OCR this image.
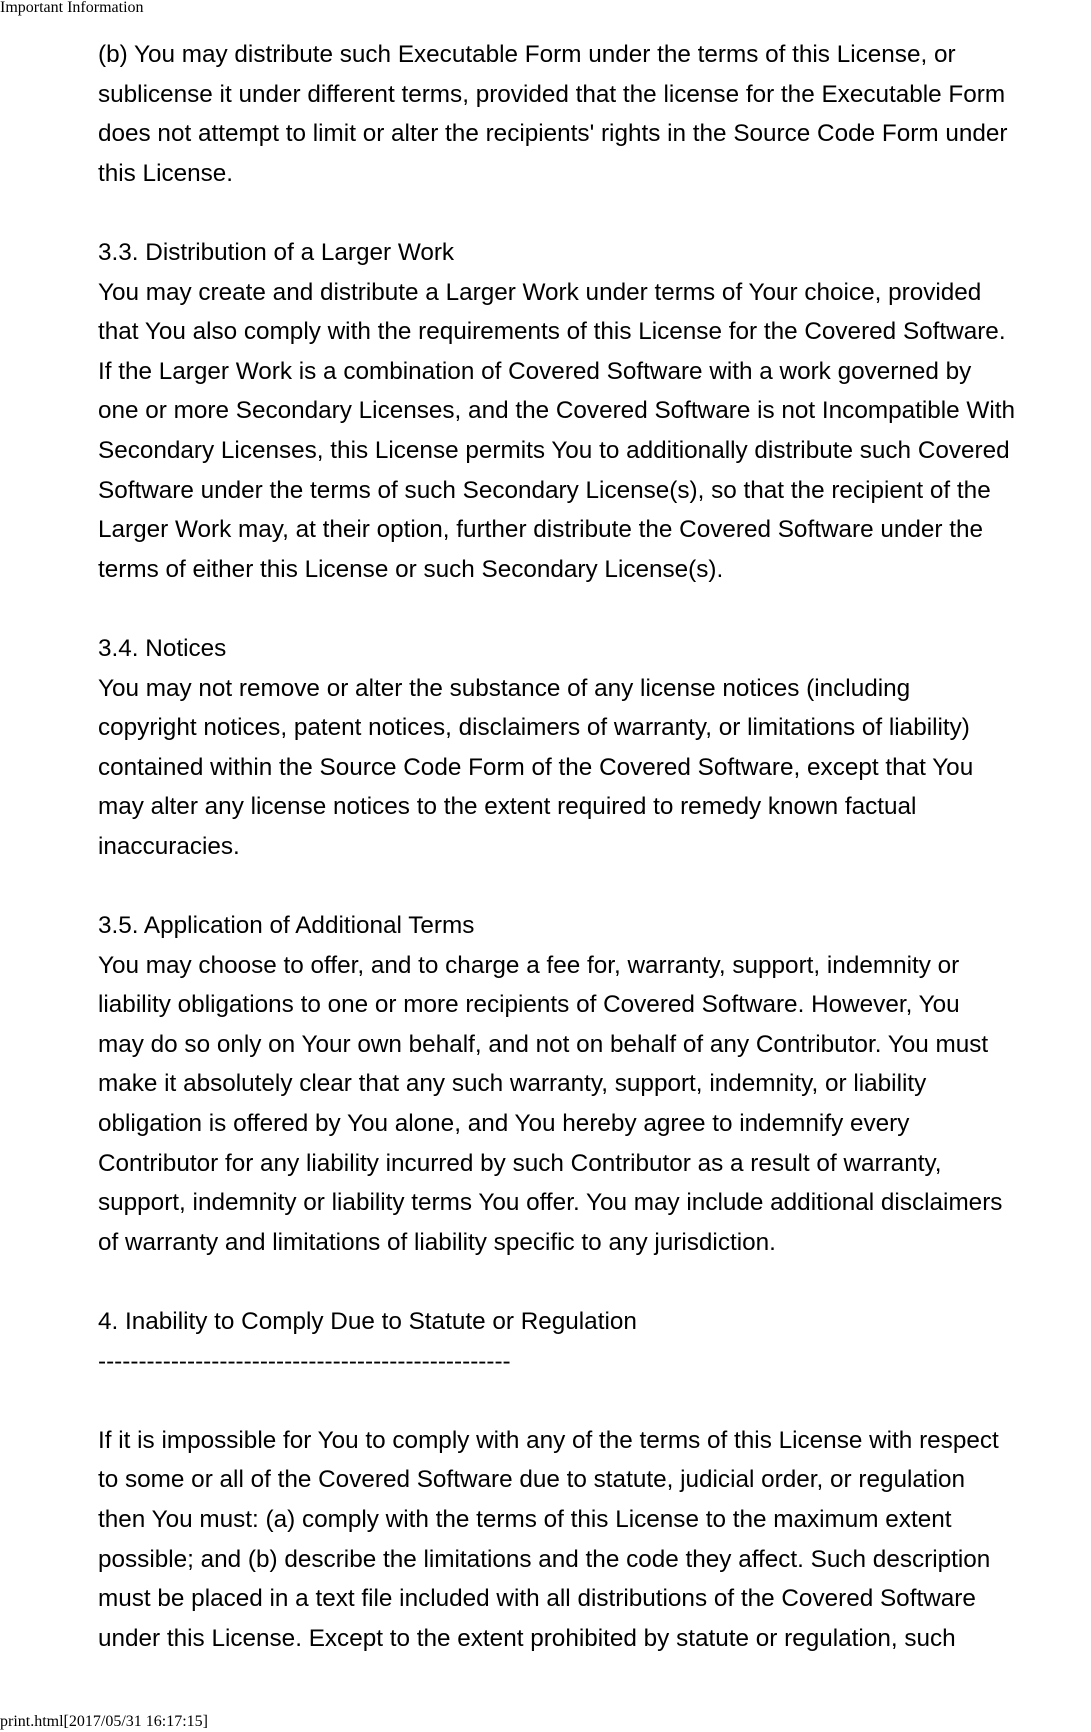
Important Information
(b) You may distribute such Executable Form under the terms of this License, or
sublicense it under different terms, provided that the license for the Executable Form
does not attempt to limit or alter the recipients' rights in the Source Code Form under
this License.
3.3. Distribution of a Larger Work
You may create and distribute a Larger Work under terms of Your choice, provided
that You also comply with the requirements of this License for the Covered Software.
If the Larger Work is a combination of Covered Software with a work governed by
one or more Secondary Licenses, and the Covered Software is not Incompatible With
Secondary Licenses, this License permits You to additionally distribute such Covered
Software under the terms of such Secondary License(s), so that the recipient of the
Larger Work may, at their option, further distribute the Covered Software under the
terms of either this License or such Secondary License(s).
3.4. Notices
You may not remove or alter the substance of any license notices (including
copyright notices, patent notices, disclaimers of warranty, or limitations of liability)
contained within the Source Code Form of the Covered Software, except that You
may alter any license notices to the extent required to remedy known factual
inaccuracies.
3.5. Application of Additional Terms
You may choose to offer, and to charge a fee for, warranty, support, indemnity or
liability obligations to one or more recipients of Covered Software. However, You
may do so only on Your own behalf, and not on behalf of any Contributor. You must
make it absolutely clear that any such warranty, support, indemnity, or liability
obligation is offered by You alone, and You hereby agree to indemnify every
Contributor for any liability incurred by such Contributor as a result of warranty,
support, indemnity or liability terms You offer. You may include additional disclaimers
of warranty and limitations of liability specific to any jurisdiction.
4. Inability to Comply Due to Statute or Regulation
---------------------------------------------------
If it is impossible for You to comply with any of the terms of this License with respect
to some or all of the Covered Software due to statute, judicial order, or regulation
then You must: (a) comply with the terms of this License to the maximum extent
possible; and (b) describe the limitations and the code they affect. Such description
must be placed in a text file included with all distributions of the Covered Software
under this License. Except to the extent prohibited by statute or regulation, such
print.html[2017/05/31 16:17:15]
